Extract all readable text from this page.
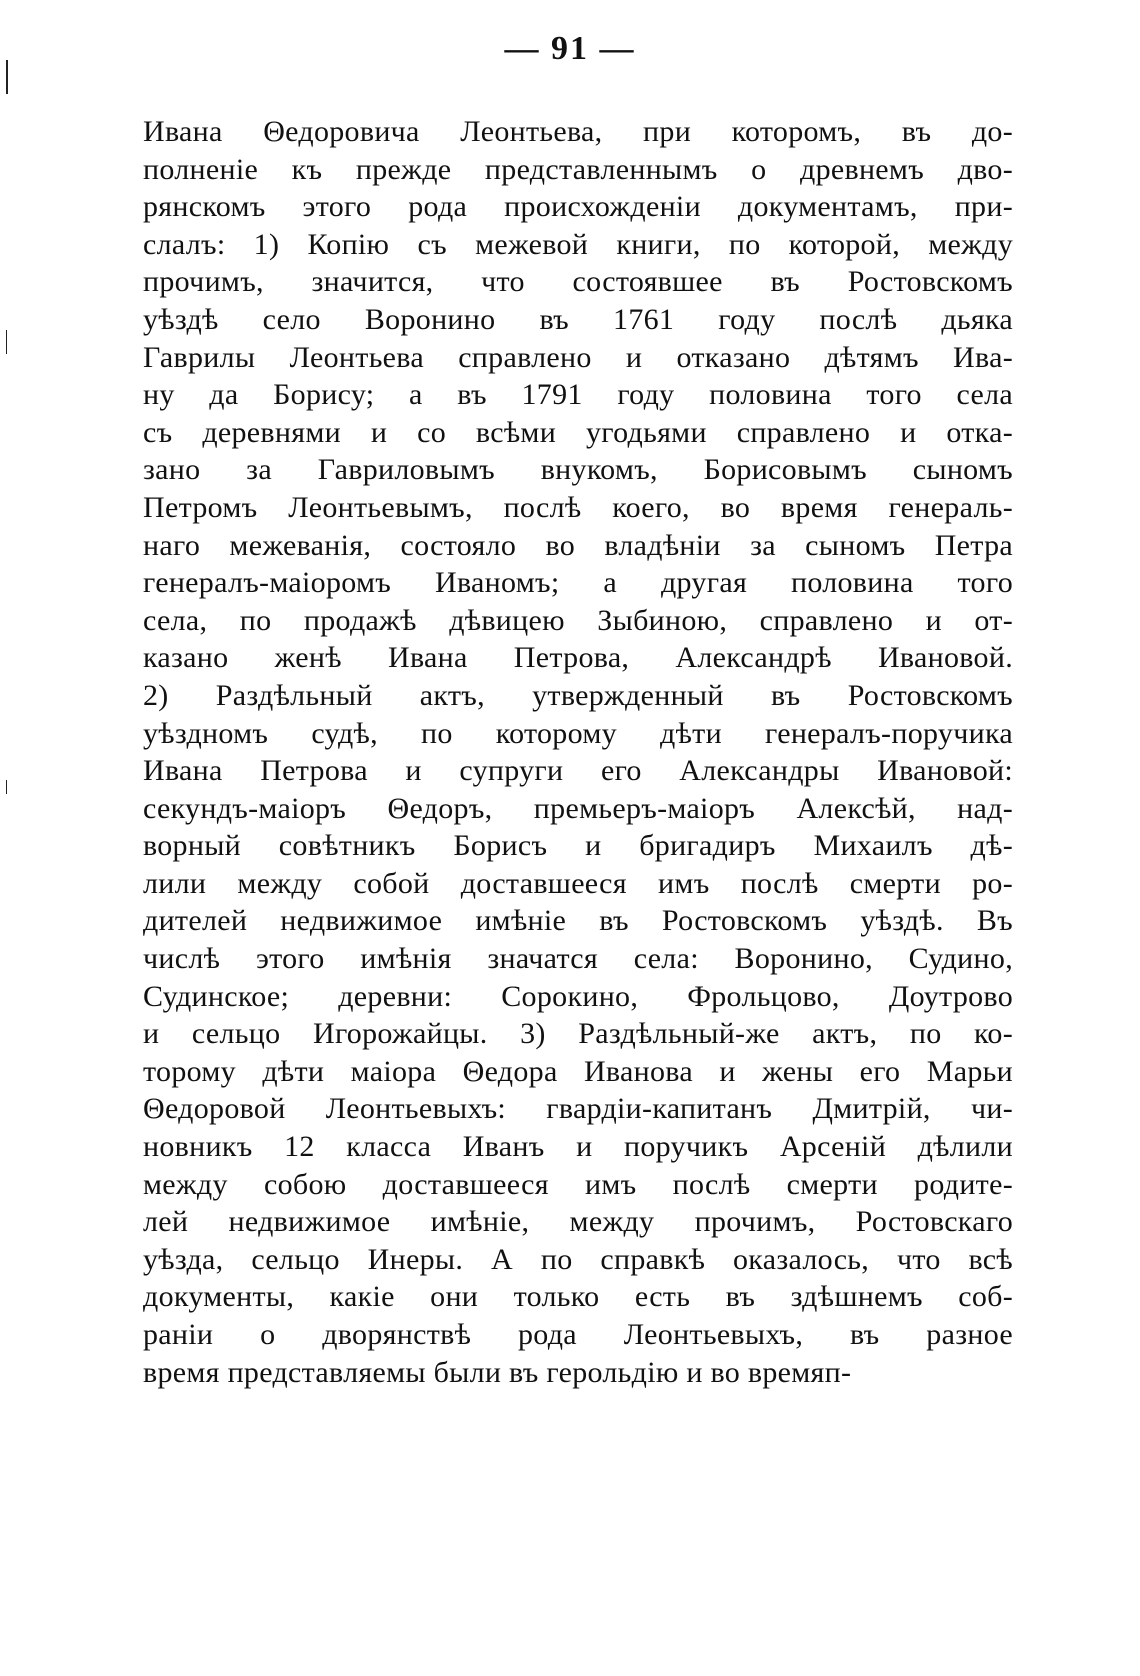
— 91 —
Ивана Θедоровича Леонтьева, при которомъ, въ до-
полненіе къ прежде представленнымъ о древнемъ дво-
рянскомъ этого рода происхожденіи документамъ, при-
слалъ: 1) Копію съ межевой книги, по которой, между
прочимъ, значится, что состоявшее въ Ростовскомъ
уѣздѣ село Воронино въ 1761 году послѣ дьяка
Гаврилы Леонтьева справлено и отказано дѣтямъ Ива-
ну да Борису; а въ 1791 году половина того села
съ деревнями и со всѣми угодьями справлено и отка-
зано за Гавриловымъ внукомъ, Борисовымъ сыномъ
Петромъ Леонтьевымъ, послѣ коего, во время генераль-
наго межеванія, состояло во владѣніи за сыномъ Петра
генералъ-маіоромъ Иваномъ; а другая половина того
села, по продажѣ дѣвицею Зыбиною, справлено и от-
казано женѣ Ивана Петрова, Александрѣ Ивановой.
2) Раздѣльный актъ, утвержденный въ Ростовскомъ
уѣздномъ судѣ, по которому дѣти генералъ-поручика
Ивана Петрова и супруги его Александры Ивановой:
секундъ-маіоръ Θедоръ, премьеръ-маіоръ Алексѣй, над-
ворный совѣтникъ Борисъ и бригадиръ Михаилъ дѣ-
лили между собой доставшееся имъ послѣ смерти ро-
дителей недвижимое имѣніе въ Ростовскомъ уѣздѣ. Въ
числѣ этого имѣнія значатся села: Воронино, Судино,
Судинское; деревни: Сорокино, Фрольцово, Доутрово
и сельцо Игорожайцы. 3) Раздѣльный-же актъ, по ко-
торому дѣти маіора Θедора Иванова и жены его Марьи
Θедоровой Леонтьевыхъ: гвардіи-капитанъ Дмитрій, чи-
новникъ 12 класса Иванъ и поручикъ Арсеній дѣлили
между собою доставшееся имъ послѣ смерти родите-
лей недвижимое имѣніе, между прочимъ, Ростовскаго
уѣзда, сельцо Инеры. А по справкѣ оказалось, что всѣ
документы, какіе они только есть въ здѣшнемъ соб-
раніи о дворянствѣ рода Леонтьевыхъ, въ разное
время представляемы были въ герольдію и во времяп-
